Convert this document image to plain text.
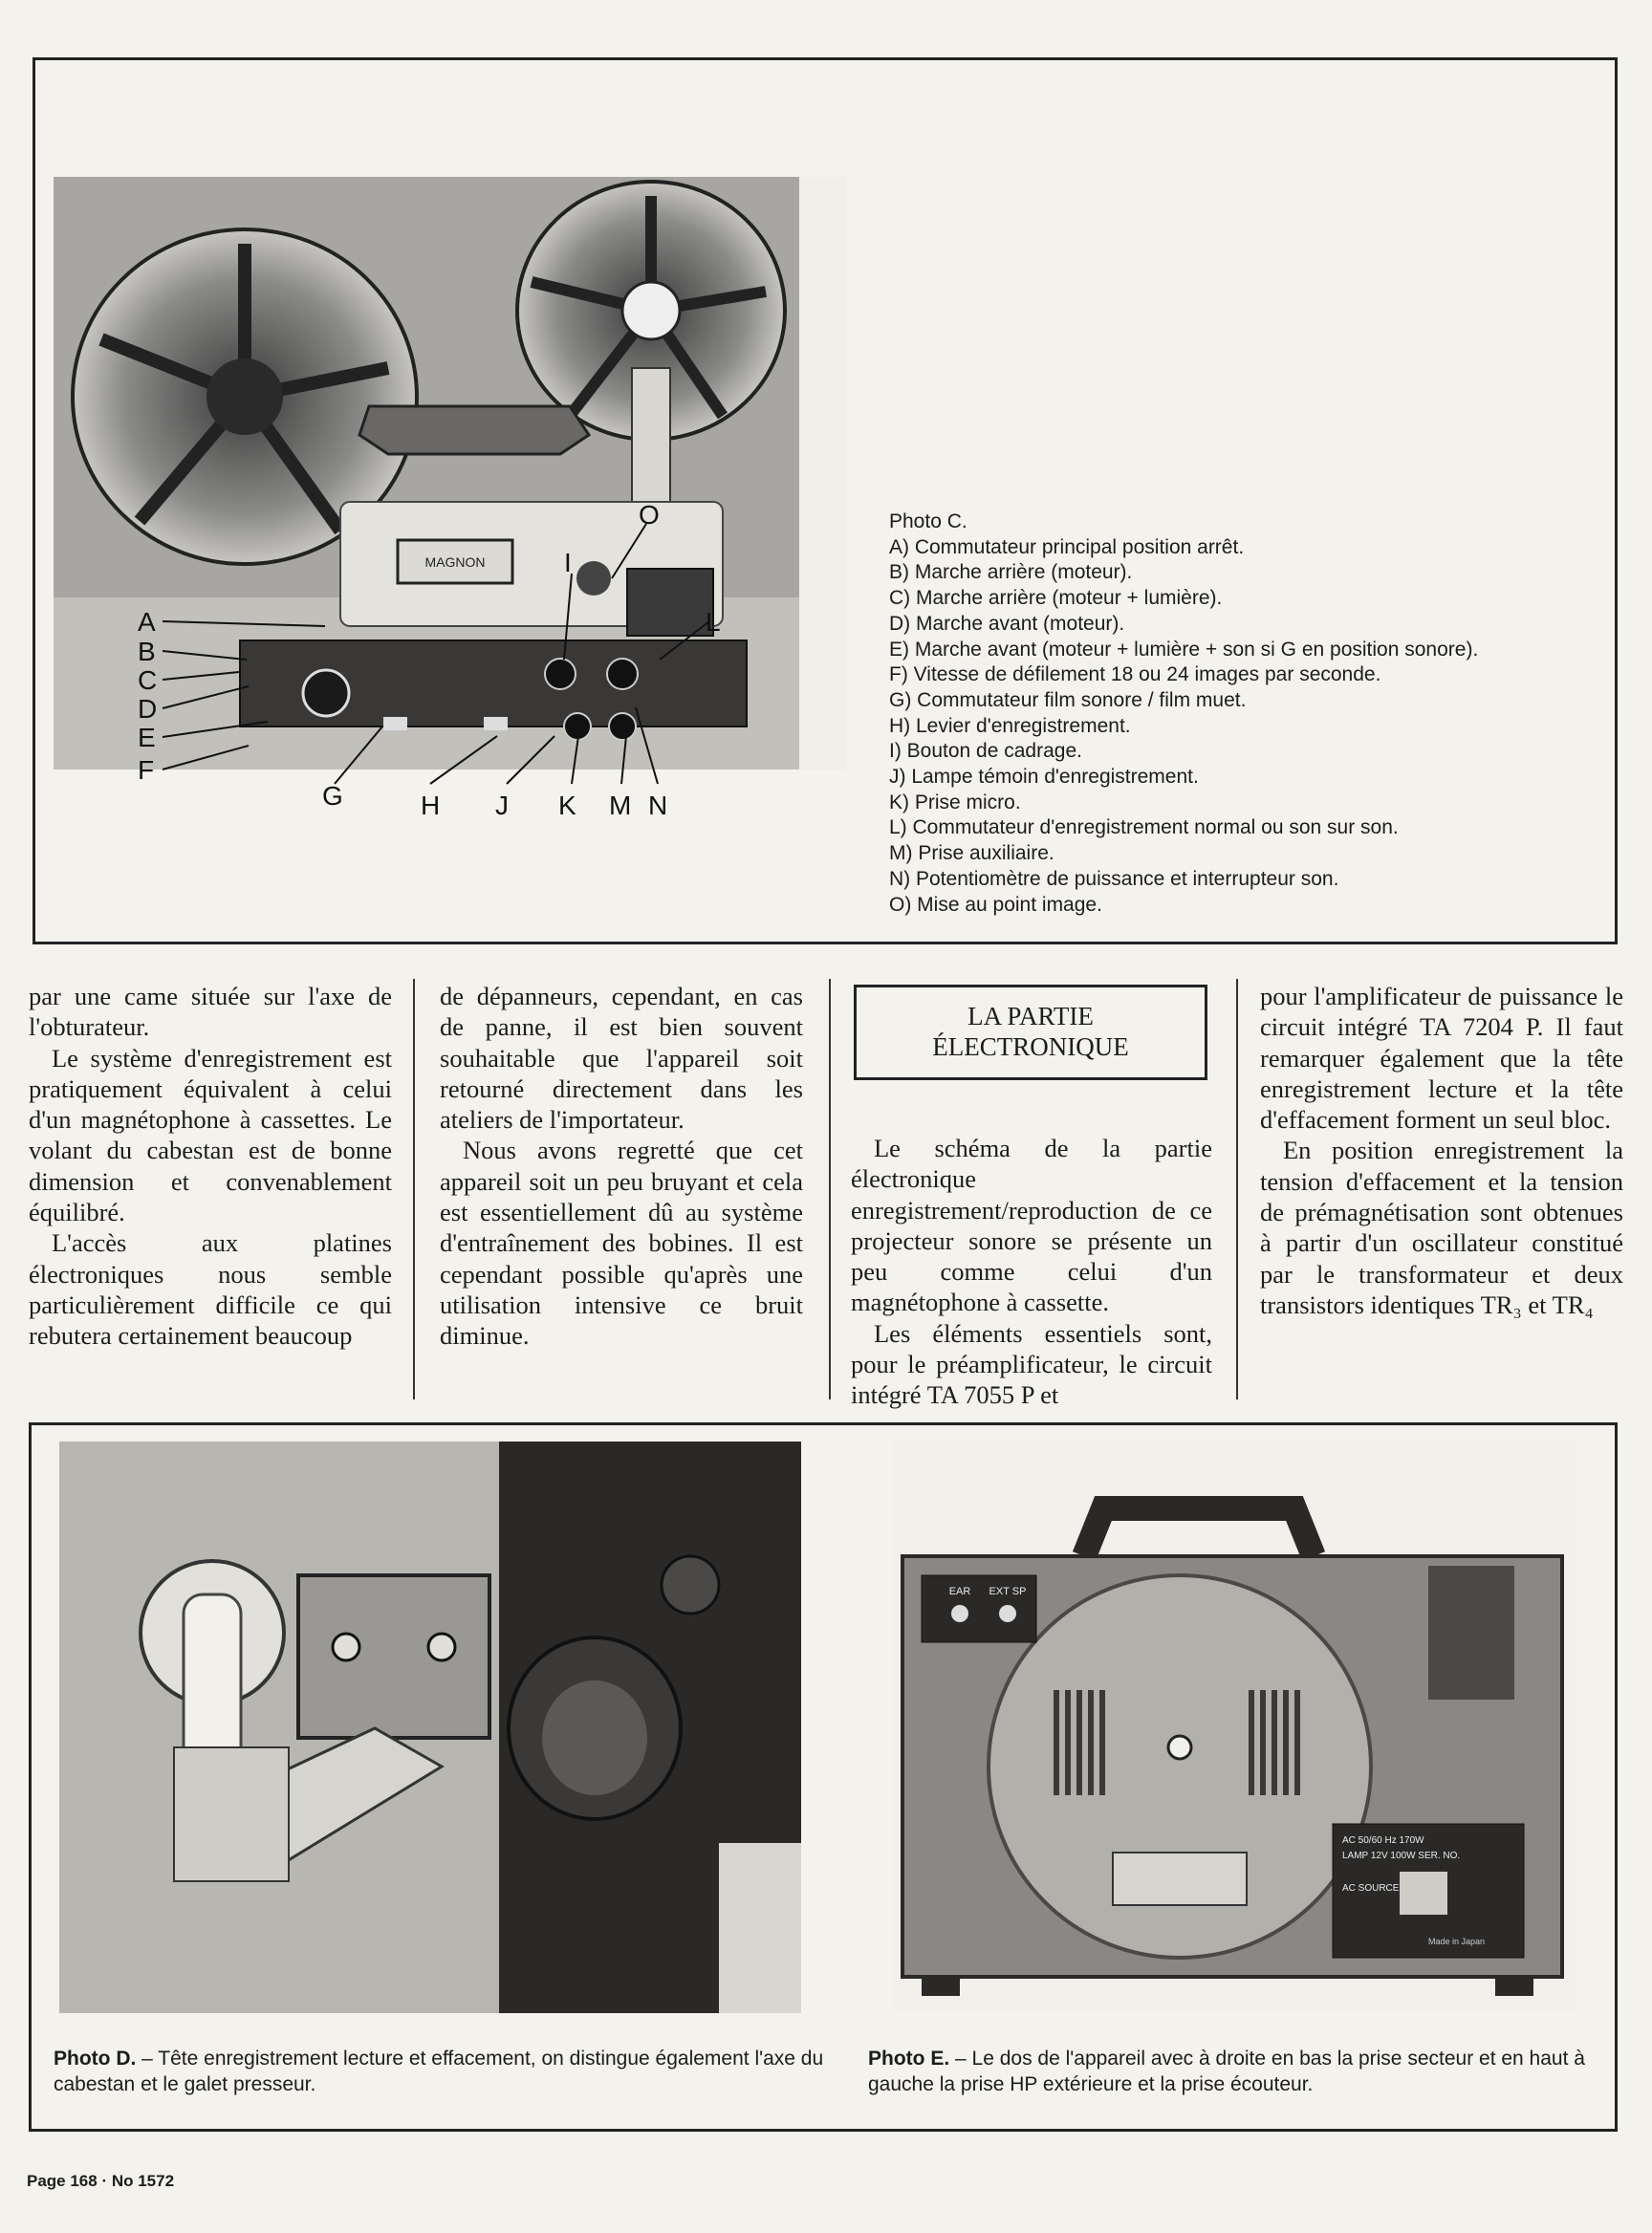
MAGNON
A
B
C
D
E
F
G	H J K M N
O
I
L
Photo C.
A) Commutateur principal position arrêt.
B) Marche arrière (moteur).
C) Marche arrière (moteur + lumière).
D) Marche avant (moteur).
E) Marche avant (moteur + lumière + son si G en position sonore).
F) Vitesse de défilement 18 ou 24 images par seconde.
G) Commutateur film sonore / film muet.
H) Levier d'enregistrement.
I) Bouton de cadrage.
J) Lampe témoin d'enregistrement.
K) Prise micro.
L) Commutateur d'enregistrement normal ou son sur son.
M) Prise auxiliaire.
N) Potentiomètre de puissance et interrupteur son.
O) Mise au point image.

par une came située sur l'axe de l'obturateur.

Le système d'enregistrement est pratiquement équivalent à celui d'un magnétophone à cassettes. Le volant du cabestan est de bonne dimension et convenablement équilibré.

L'accès aux platines électroniques nous semble particulièrement difficile ce qui rebutera certainement beaucoup

de dépanneurs, cependant, en cas de panne, il est bien souvent souhaitable que l'appareil soit retourné directement dans les ateliers de l'importateur.

Nous avons regretté que cet appareil soit un peu bruyant et cela est essentiellement dû au système d'entraînement des bobines. Il est cependant possible qu'après une utilisation intensive ce bruit diminue.

LA PARTIE
ÉLECTRONIQUE

Le schéma de la partie électronique enregistrement/reproduction de ce projecteur sonore se présente un peu comme celui d'un magnétophone à cassette.

Les éléments essentiels sont, pour le préamplificateur, le circuit intégré TA 7055 P et

pour l'amplificateur de puissance le circuit intégré TA 7204 P. Il faut remarquer également que la tête enregistrement lecture et la tête d'effacement forment un seul bloc.

En position enregistrement la tension d'effacement et la tension de prémagnétisation sont obtenues à partir d'un oscillateur constitué par le transformateur et deux transistors identiques TR₃ et TR₄

EAR EXT SP
AC 50/60 Hz 170W
LAMP 12V 100W SER. NO.
AC SOURCE
Made in Japan
Photo D. – Tête enregistrement lecture et effacement, on distingue également l'axe du cabestan et le galet presseur.
Photo E. – Le dos de l'appareil avec à droite en bas la prise secteur et en haut à gauche la prise HP extérieure et la prise écouteur.
Page 168 · No 1572
